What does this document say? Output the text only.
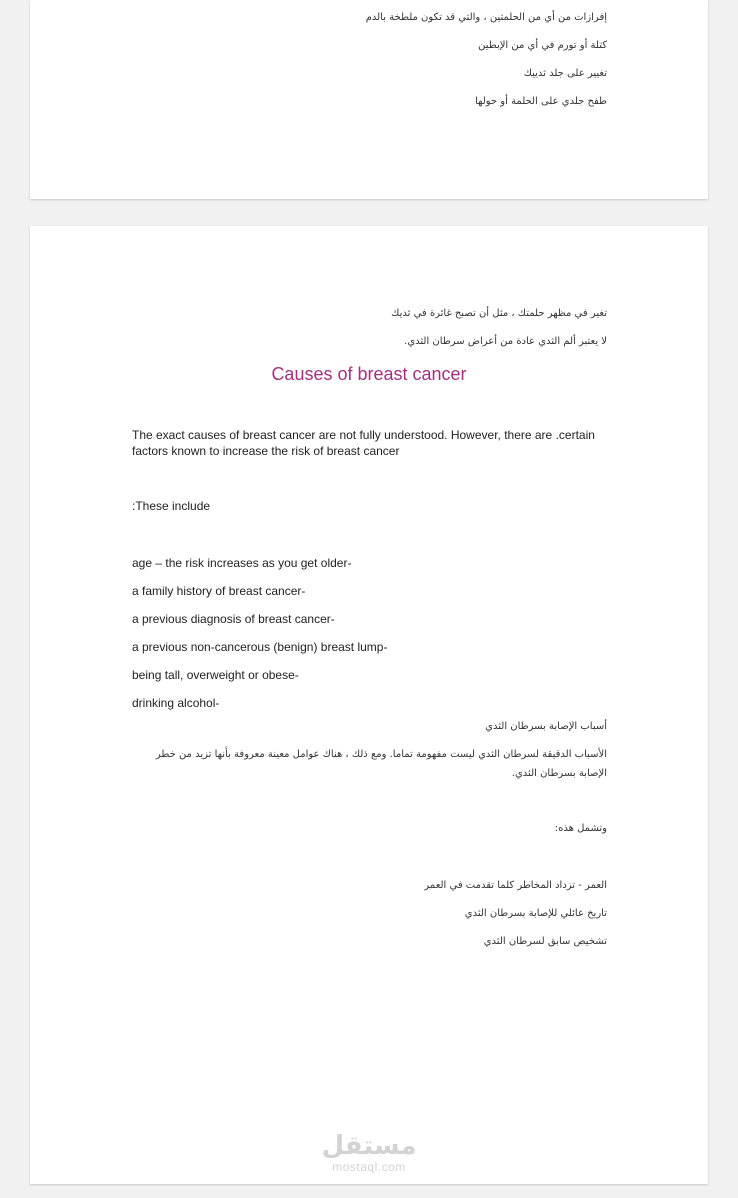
إفرازات من أي من الحلمتين ، والتي قد تكون ملطخة بالدم
كتلة أو تورم في أي من الإبطين
تغيير على جلد ثدييك
طفح جلدي على الحلمة أو حولها
تغير في مظهر حلمتك ، مثل أن تصبح غائرة في ثديك
لا يعتبر ألم الثدي عادة من أعراض سرطان الثدي.
Causes of breast cancer
The exact causes of breast cancer are not fully understood. However, there are .certain factors known to increase the risk of breast cancer
:These include
age – the risk increases as you get older-
a family history of breast cancer-
a previous diagnosis of breast cancer-
a previous non-cancerous (benign) breast lump-
being tall, overweight or obese-
drinking alcohol-
أسباب الإصابة بسرطان الثدي
الأسباب الدقيقة لسرطان الثدي ليست مفهومة تماما. ومع ذلك ، هناك عوامل معينة معروفة بأنها تزيد من خطر الإصابة بسرطان الثدي.
وتشمل هذه:
العمر - تزداد المخاطر كلما تقدمت في العمر
تاريخ عائلي للإصابة بسرطان الثدي
تشخيص سابق لسرطان الثدي
مستقل
mostaql.com
